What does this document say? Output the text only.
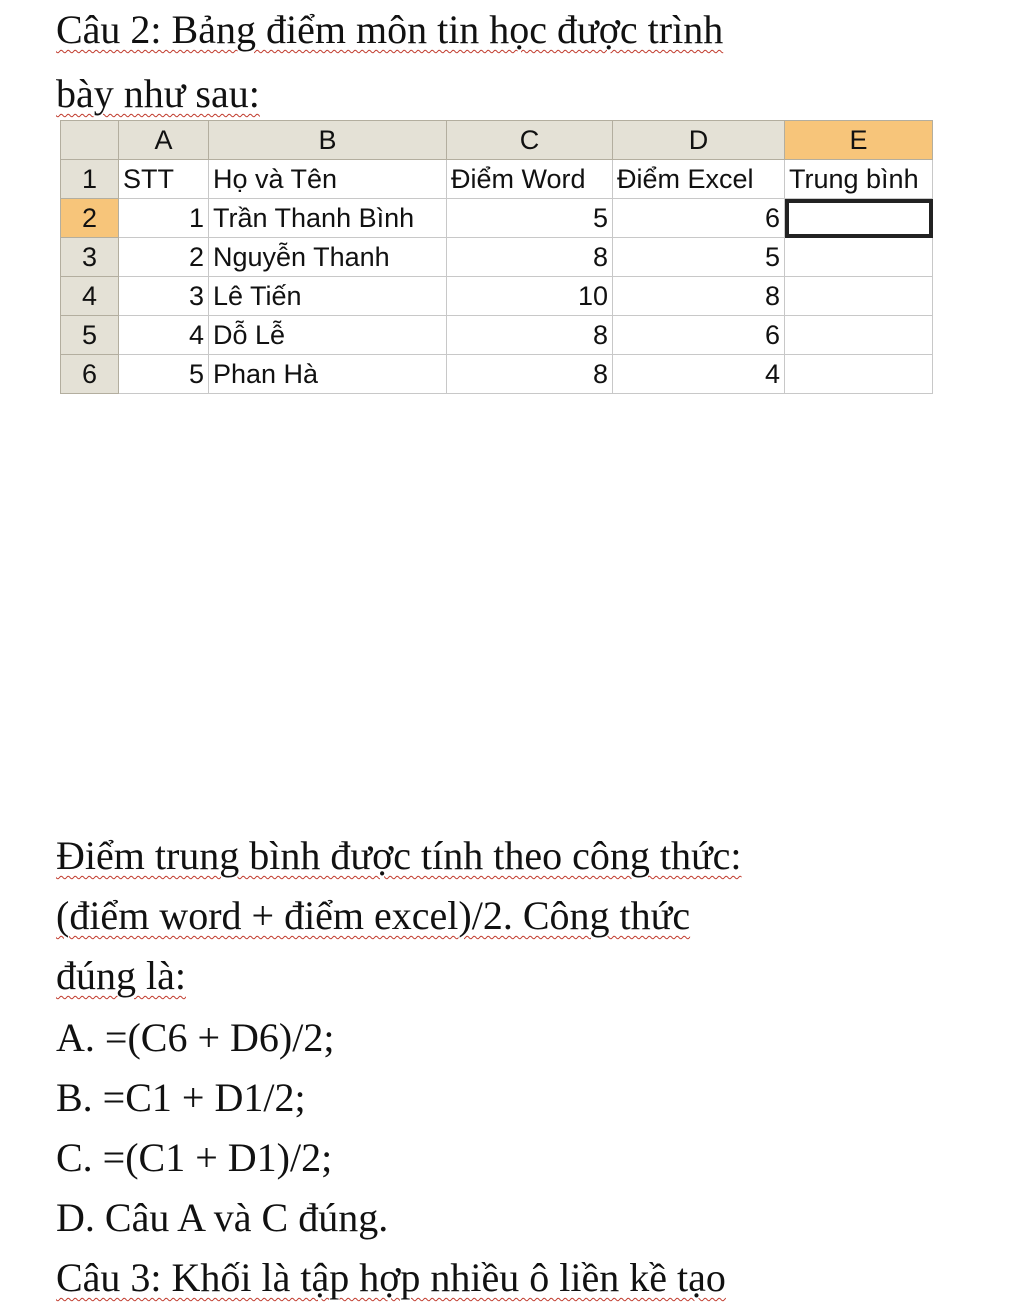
Câu 2: Bảng điểm môn tin học được trình
bày như sau:
	A	B	C	D	E
1	STT	Họ và Tên	Điểm Word	Điểm Excel	Trung bình
2	1	Trần Thanh Bình	5	6	
3	2	Nguyễn Thanh	8	5	
4	3	Lê Tiến	10	8	
5	4	Dỗ Lễ	8	6	
6	5	Phan Hà	8	4	
Điểm trung bình được tính theo công thức:
(điểm word + điểm excel)/2. Công thức
đúng là:
A. =(C6 + D6)/2;
B. =C1 + D1/2;
C. =(C1 + D1)/2;
D. Câu A và C đúng.
Câu 3: Khối là tập hợp nhiều ô liền kề tạo
